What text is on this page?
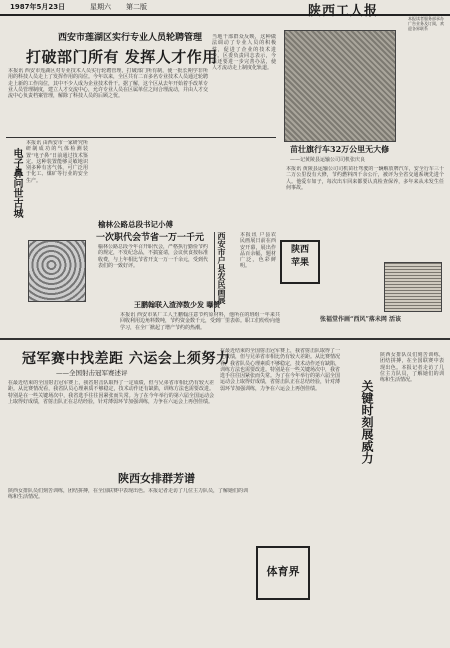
1987年5月23日	星期六 第二版	陕西工人报	本报读者服务部承办广告业务及订阅，欢迎各界联系
西安市莲湖区实行专业人员轮聘管理
打破部门所有 发挥人才作用
本报讯 西安市莲湖区对专业技术人员实行轮聘管理，打破部门所有制，使一批长期学非所用的科技人员走上了发挥作用的岗位。今年以来，全区共有二百多名专业技术人员通过轮聘走上新的工作岗位，其中不少人成为企业技术骨干。据了解，这个区从去年开始着手改革专业人员管理制度，建立人才交流中心，允许专业人员在区属单位之间合理流动，并由人才交流中心负责档案管理，解除了科技人员的后顾之忧。
当地干部群众反映，这种做法调动了专业人员的积极性，促进了企业的技术进步。区委负责同志表示，今后还要进一步完善办法，使人才流动走上制度化轨道。
电子鼻问世古城
本报讯 由西安市一家研究所研制成功的气体检测装置“电子鼻”日前通过技术鉴定。这种装置能够灵敏地识别多种有害气体，可广泛用于化工、煤矿等行业的安全生产。
榆林公路总段书记小傅
一次职代会节省一万一千元
榆林公路总段今年召开职代会，严格执行勤俭节约的规定，不发纪念品，不搞宴请，会议伙食按标准收费，与上年相比节省开支一万一千余元，受到代表们的一致好评。	西安市户县农民画展	本报讯 户县农民画展日前在西安开幕，展出作品百余幅，题材广泛，色彩鲜明。
苗壮旗行车32万公里无大修
——记黄陵县运输公司司机张庆良
本报讯 黄陵县运输公司司机苗壮驾驶的一辆解放牌汽车，安全行车三十二万公里没有大修，节约燃料四千余公斤，被评为全省交通系统先进个人。他爱车如子，每次出车回来都要认真检查保养，多年来从未发生任何事故。
张福堂作画“西风”落未网 活该
王鹏翰联入渣滓数少发 曝赞
本报讯 西安市某厂工人王鹏翰注意节约原材料，他所在的班组一年来共回收利用边角料数吨，节约资金数千元，受到厂里表彰。职工们纷纷向他学习，在全厂掀起了增产节约的热潮。
陕西
苹果
冠军赛中找差距 六运会上须努力
——全国射击冠军赛述评
在最近结束的全国射击冠军赛上，我省射击队取得了一定成绩，但与兄弟省市相比仍有较大差距。从比赛情况看，我省队员心理素质不够稳定，技术动作还有缺陷，训练方法也需要改进。特别是在一些关键场次中，我省选手往往因紧张而失常。为了在今年举行的第六届全国运动会上取得好成绩，省射击队正在总结经验，针对薄弱环节加强训练，力争在六运会上再创佳绩。
陕西女排群芳谱
陕西女排队员们刻苦训练，团结拼搏，在全国联赛中表现出色。本报记者走访了几位主力队员，了解她们的训练和生活情况。
在最近结束的全国射击冠军赛上，我省射击队取得了一定成绩，但与兄弟省市相比仍有较大差距。从比赛情况看，我省队员心理素质不够稳定，技术动作还有缺陷，训练方法也需要改进。特别是在一些关键场次中，我省选手往往因紧张而失常。为了在今年举行的第六届全国运动会上取得好成绩，省射击队正在总结经验，针对薄弱环节加强训练，力争在六运会上再创佳绩。	关键时刻展威力
陕西女排队员们刻苦训练，团结拼搏，在全国联赛中表现出色。本报记者走访了几位主力队员，了解她们的训练和生活情况。
体育界
